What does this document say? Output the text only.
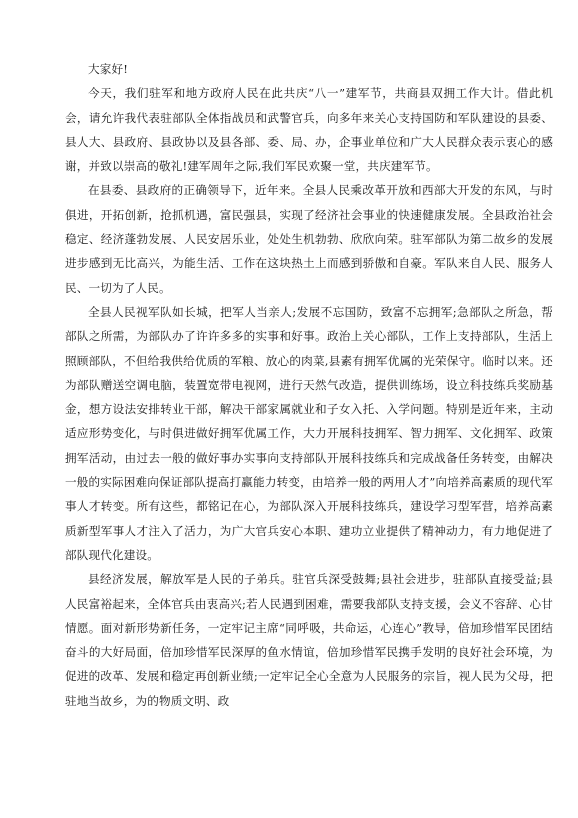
大家好!

今天，我们驻军和地方政府人民在此共庆“八一”建军节，共商县双拥工作大计。借此机会，请允许我代表驻部队全体指战员和武警官兵，向多年来关心支持国防和军队建设的县委、县人大、县政府、县政协以及县各部、委、局、办，企事业单位和广大人民群众表示衷心的感谢，并致以崇高的敬礼!建军周年之际,我们军民欢聚一堂，共庆建军节。

在县委、县政府的正确领导下，近年来。全县人民乘改革开放和西部大开发的东风，与时俱进，开拓创新，抢抓机遇，富民强县，实现了经济社会事业的快速健康发展。全县政治社会稳定、经济蓬勃发展、人民安居乐业，处处生机勃勃、欣欣向荣。驻军部队为第二故乡的发展进步感到无比高兴，为能生活、工作在这块热土上而感到骄傲和自豪。军队来自人民、服务人民、一切为了人民。

全县人民视军队如长城，把军人当亲人;发展不忘国防，致富不忘拥军;急部队之所急，帮部队之所需，为部队办了许许多多的实事和好事。政治上关心部队，工作上支持部队，生活上照顾部队，不但给我供给优质的军粮、放心的肉菜,县素有拥军优属的光荣保守。临时以来。还为部队赠送空调电脑，装置宽带电视网，进行天然气改造，提供训练场，设立科技练兵奖励基金，想方设法安排转业干部，解决干部家属就业和子女入托、入学问题。特别是近年来，主动适应形势变化，与时俱进做好拥军优属工作，大力开展科技拥军、智力拥军、文化拥军、政策拥军活动，由过去一般的做好事办实事向支持部队开展科技练兵和完成战备任务转变，由解决一般的实际困难向保证部队提高打赢能力转变，由培养一般的两用人才”向培养高素质的现代军事人才转变。所有这些，都铭记在心，为部队深入开展科技练兵，建设学习型军营，培养高素质新型军事人才注入了活力，为广大官兵安心本职、建功立业提供了精神动力，有力地促进了部队现代化建设。

县经济发展，解放军是人民的子弟兵。驻官兵深受鼓舞;县社会进步，驻部队直接受益;县人民富裕起来，全体官兵由衷高兴;若人民遇到困难，需要我部队支持支援，会义不容辞、心甘情愿。面对新形势新任务，一定牢记主席“同呼吸，共命运，心连心”教导，倍加珍惜军民团结奋斗的大好局面，倍加珍惜军民深厚的鱼水情谊，倍加珍惜军民携手发明的良好社会环境，为促进的改革、发展和稳定再创新业绩;一定牢记全心全意为人民服务的宗旨，视人民为父母，把驻地当故乡，为的物质文明、政
